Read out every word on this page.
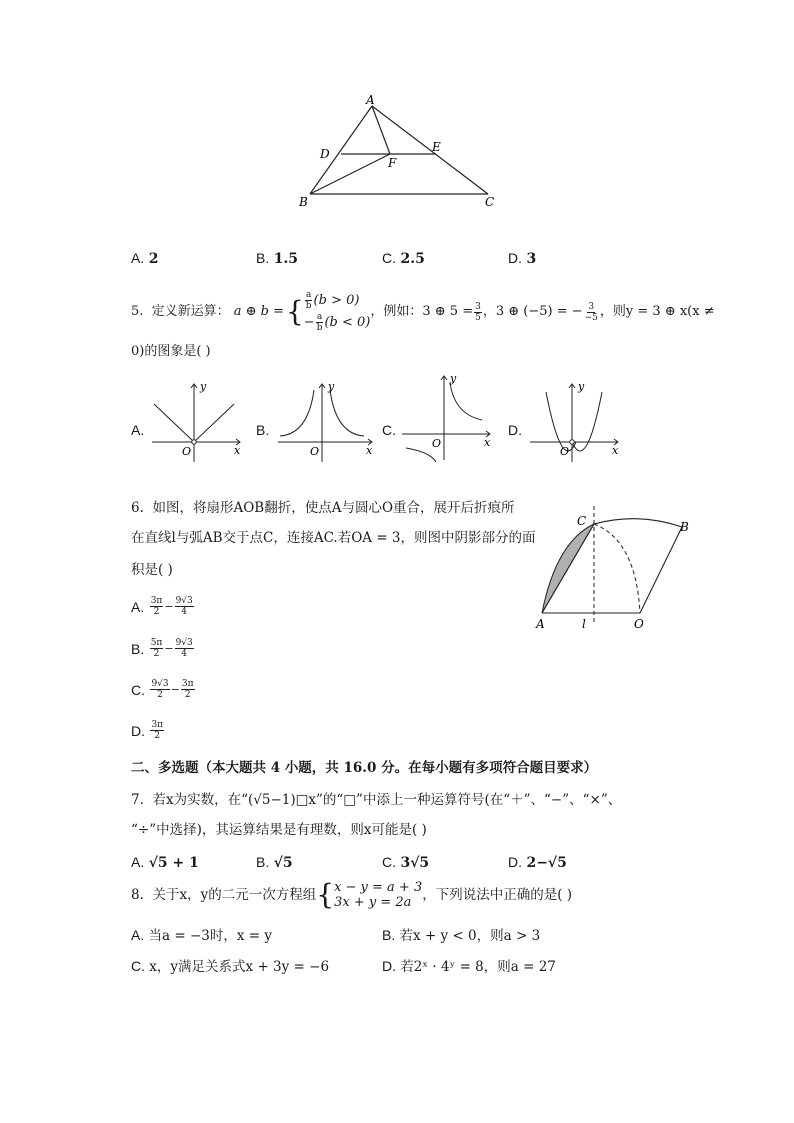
A
D
F
E
B	C
A. 2	B. 1.5	C. 2.5	D. 3
5.
定义新运算： a ⊕ b = { $\frac{a}{b} (b > 0)$
− $\frac{a}{b} (b < 0)$
，例如：3 ⊕ $5 = \frac{3}{5}$ ，3 ⊕ (−5) = − $\frac{3}{-5}$ ，则y = 3 ⊕ x(x ≠
0)的图象是( )
A.
y
x
O
B.
y
x
O
C.
y
x
O
D.
y
x
O
6. 如图，将扇形AOB翻折，使点A与圆心O重合，展开后折痕所
在直线l与弧AB交于点C，连接AC.若OA = 3，则图中阴影部分的面
积是( )
A.
$\frac{3\pi}{2} - \frac{9√3}{4}$
B.
$\frac{5\pi}{2} - \frac{9√3}{4}$
C.
$\frac{9√3}{2} - \frac{3\pi}{2}$
D.
$\frac{3\pi}{2}$
C	B
A	l	O
二、多选题（本大题共 4 小题，共 16.0 分。在每小题有多项符合题目要求）
7. 若x为实数，在“(√5−1)□x”的“□”中添上一种运算符号(在“＋”、“−”、“×”、
“÷”中选择)，其运算结果是有理数，则x可能是( )
A. √5 + 1	B. √5	C. 3√5	D. 2−√5
8.
关于x，y的二元一次方程组 { x − y = a + 3
3x + y = 2a ，下列说法中正确的是( )
A. 当a = −3时，x = y	B. 若x + y < 0，则a > 3
C. x，y满足关系式x + 3y = −6	D. 若2ˣ · 4ʸ = 8，则a = 27
